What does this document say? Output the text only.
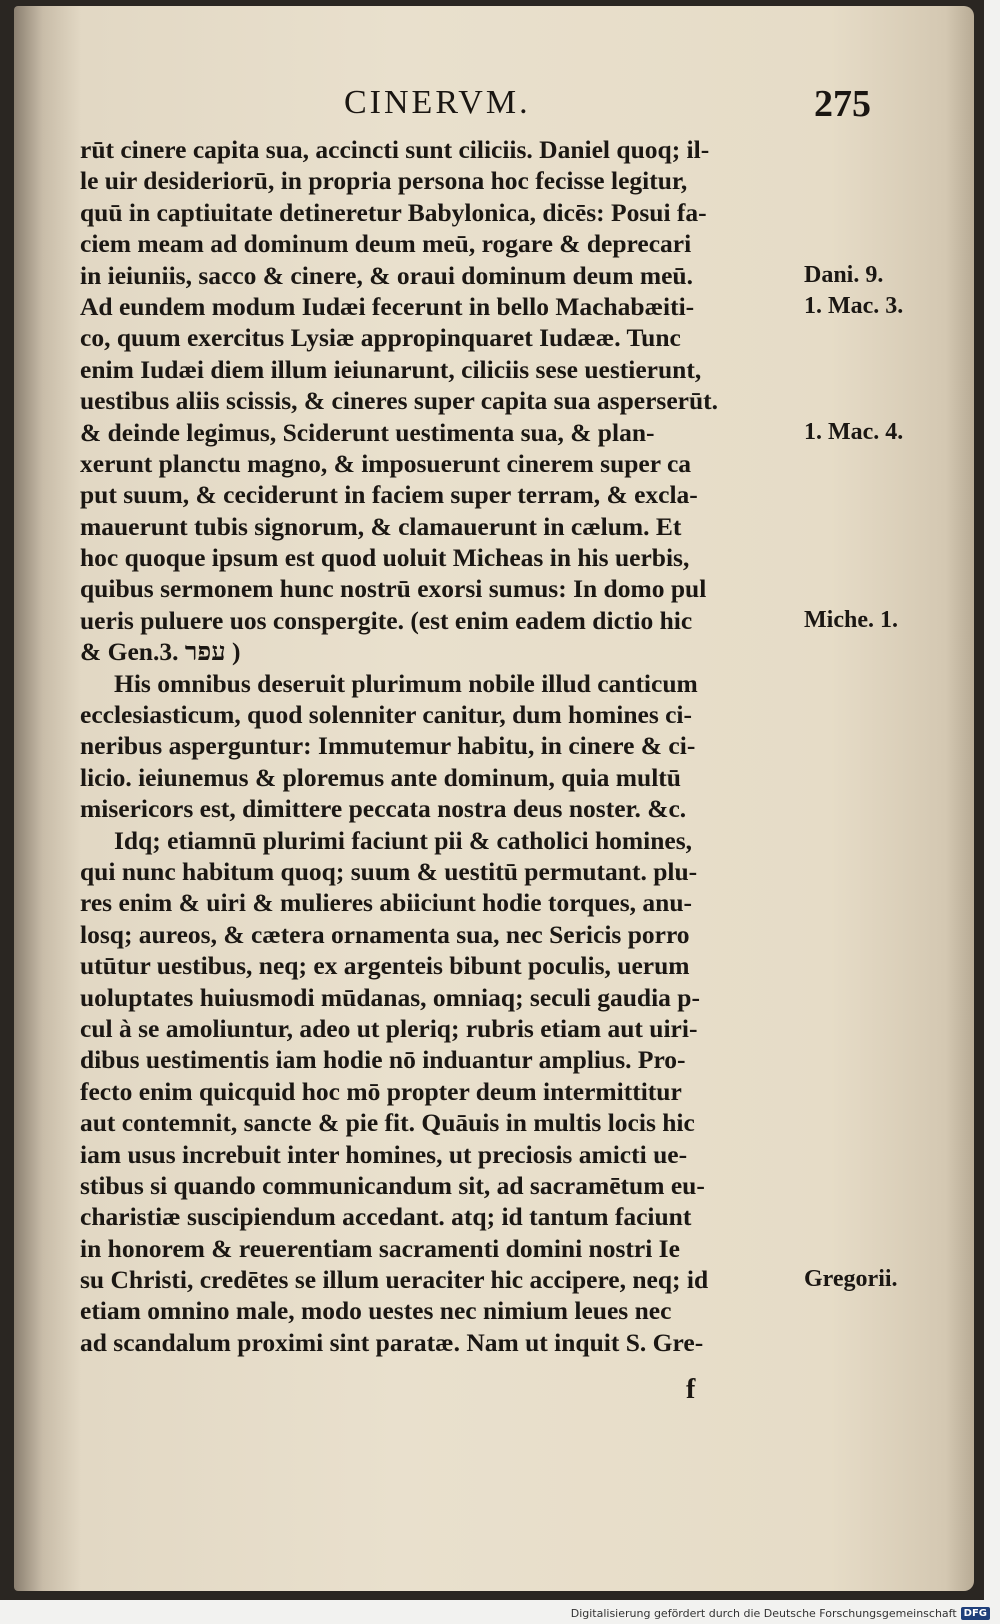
CINERVM.	275
rūt cinere capita sua, accincti sunt ciliciis. Daniel quoq; il-
le uir desideriorū, in propria persona hoc fecisse legitur,
quū in captiuitate detineretur Babylonica, dicēs: Posui fa-
ciem meam ad dominum deum meū, rogare & deprecari
in ieiuniis, sacco & cinere, & oraui dominum deum meū.
Ad eundem modum Iudæi fecerunt in bello Machabæiti-
co, quum exercitus Lysiæ appropinquaret Iudææ. Tunc
enim Iudæi diem illum ieiunarunt, ciliciis sese uestierunt,
uestibus aliis scissis, & cineres super capita sua asperserūt.
& deinde legimus, Sciderunt uestimenta sua, & plan-
xerunt planctu magno, & imposuerunt cinerem super ca
put suum, & ceciderunt in faciem super terram, & excla-
mauerunt tubis signorum, & clamauerunt in cælum. Et
hoc quoque ipsum est quod uoluit Micheas in his uerbis,
quibus sermonem hunc nostrū exorsi sumus: In domo pul
ueris puluere uos conspergite. (est enim eadem dictio hic
& Gen.3. עפר )
His omnibus deseruit plurimum nobile illud canticum
ecclesiasticum, quod solenniter canitur, dum homines ci-
neribus asperguntur: Immutemur habitu, in cinere & ci-
licio. ieiunemus & ploremus ante dominum, quia multū
misericors est, dimittere peccata nostra deus noster. &c.
Idq; etiamnū plurimi faciunt pii & catholici homines,
qui nunc habitum quoq; suum & uestitū permutant. plu-
res enim & uiri & mulieres abiiciunt hodie torques, anu-
losq; aureos, & cætera ornamenta sua, nec Sericis porro
utūtur uestibus, neq; ex argenteis bibunt poculis, uerum
uoluptates huiusmodi mūdanas, omniaq; seculi gaudia p-
cul à se amoliuntur, adeo ut pleriq; rubris etiam aut uiri-
dibus uestimentis iam hodie nō induantur amplius. Pro-
fecto enim quicquid hoc mō propter deum intermittitur
aut contemnit, sancte & pie fit. Quāuis in multis locis hic
iam usus increbuit inter homines, ut preciosis amicti ue-
stibus si quando communicandum sit, ad sacramētum eu-
charistiæ suscipiendum accedant. atq; id tantum faciunt
in honorem & reuerentiam sacramenti domini nostri Ie
su Christi, credētes se illum ueraciter hic accipere, neq; id
etiam omnino male, modo uestes nec nimium leues nec
ad scandalum proximi sint paratæ. Nam ut inquit S. Gre-
Dani. 9.
1. Mac. 3.
1. Mac. 4.
Miche. 1.
Gregorii.
f
Digitalisierung gefördert durch die Deutsche Forschungsgemeinschaft DFG
